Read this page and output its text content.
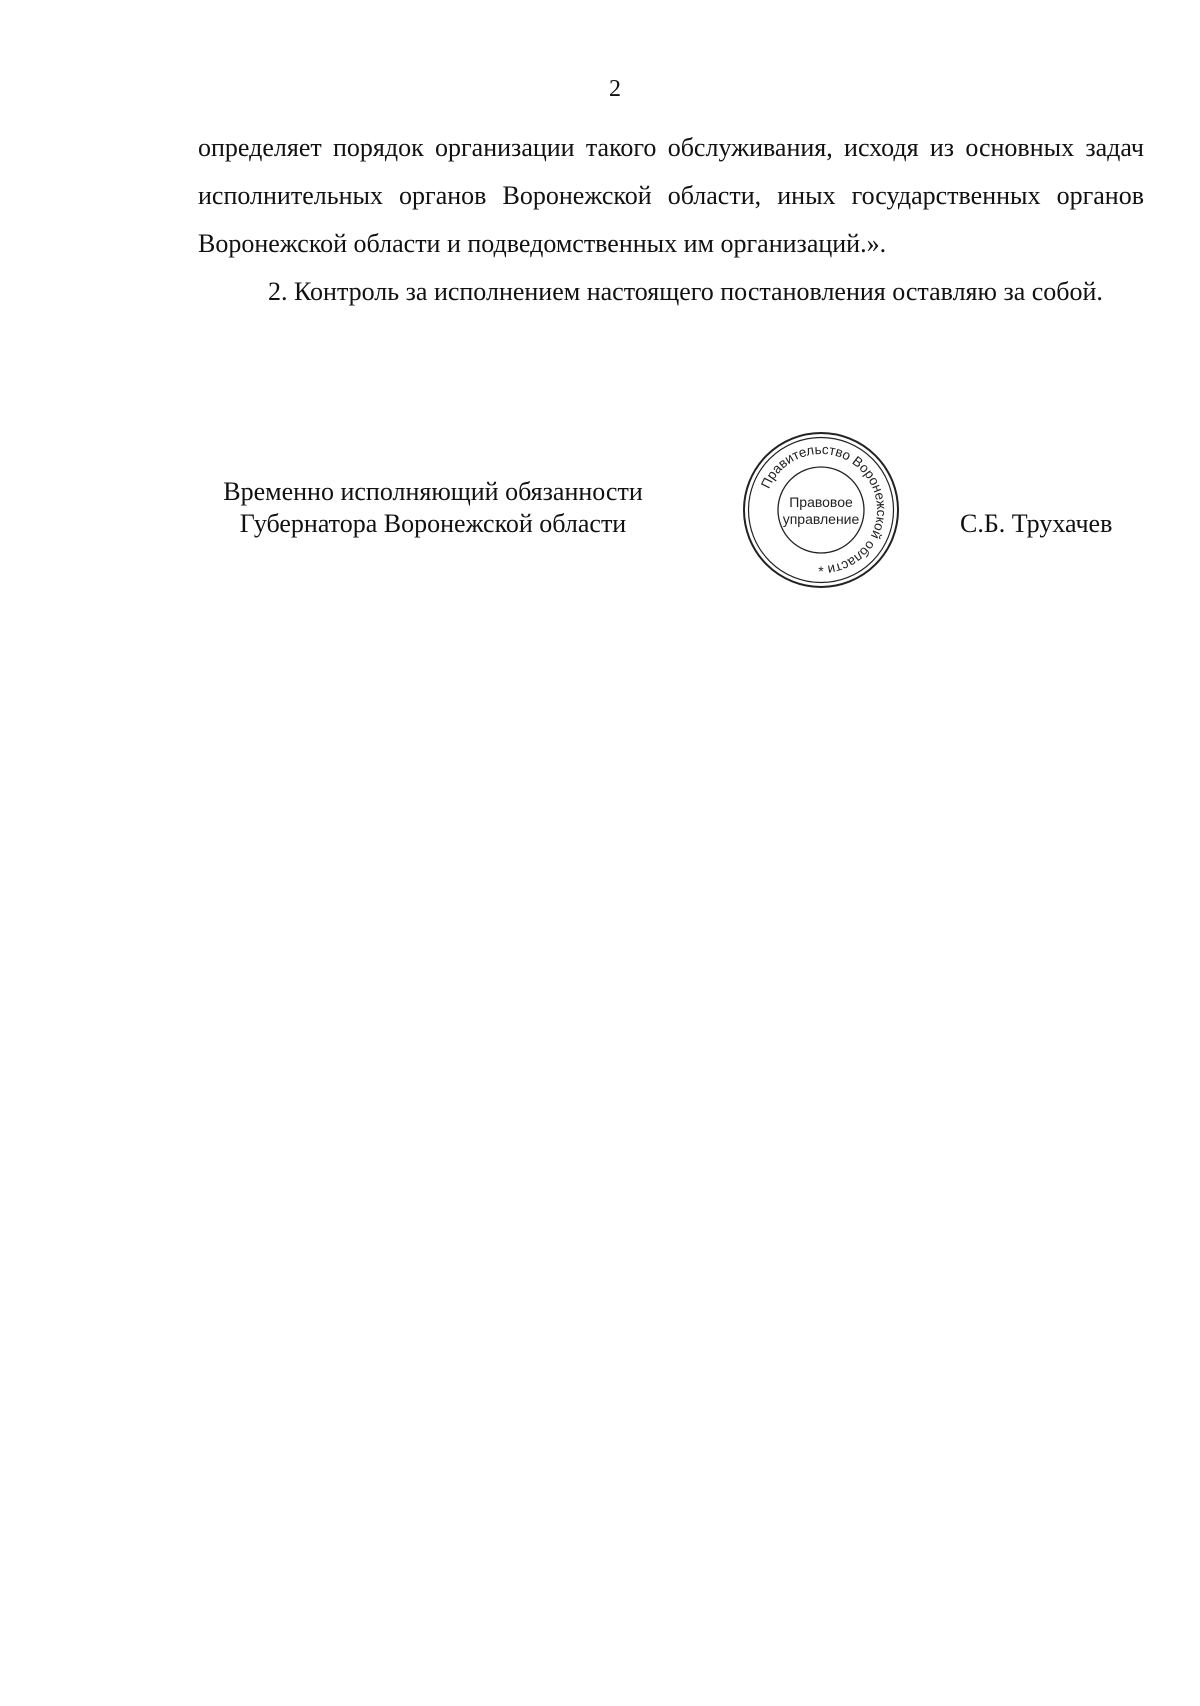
2
определяет порядок организации такого обслуживания, исходя из основных задач исполнительных органов Воронежской области, иных государственных органов Воронежской области и подведомственных им организаций.».
2. Контроль за исполнением настоящего постановления оставляю за собой.
Временно исполняющий обязанности
Губернатора Воронежской области
Правительство Воронежской области
Правовое
управление
*
С.Б. Трухачев
